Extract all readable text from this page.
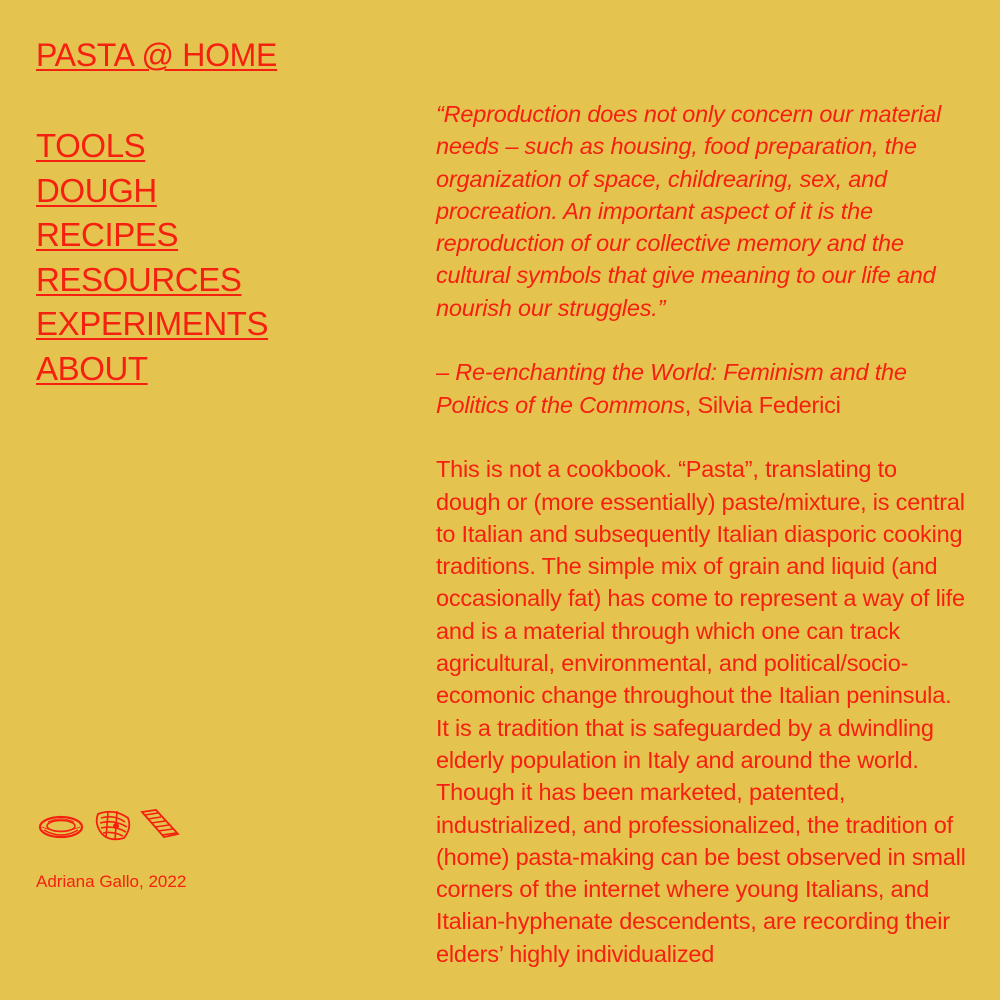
PASTA @ HOME
TOOLS
DOUGH
RECIPES
RESOURCES
EXPERIMENTS
ABOUT

Adriana Gallo, 2022

“Reproduction does not only concern our material needs – such as housing, food preparation, the organization of space, childrearing, sex, and procreation. An important aspect of it is the reproduction of our collective memory and the cultural symbols that give meaning to our life and nourish our struggles.”

– Re-enchanting the World: Feminism and the Politics of the Commons, Silvia Federici

This is not a cookbook. “Pasta”, translating to dough or (more essentially) paste/mixture, is central to Italian and subsequently Italian diasporic cooking traditions. The simple mix of grain and liquid (and occasionally fat) has come to represent a way of life and is a material through which one can track agricultural, environmental, and political/socio-ecomonic change throughout the Italian peninsula. It is a tradition that is safeguarded by a dwindling elderly population in Italy and around the world. Though it has been marketed, patented, industrialized, and professionalized, the tradition of (home) pasta-making can be best observed in small corners of the internet where young Italians, and Italian-hyphenate descendents, are recording their elders’ highly individualized
